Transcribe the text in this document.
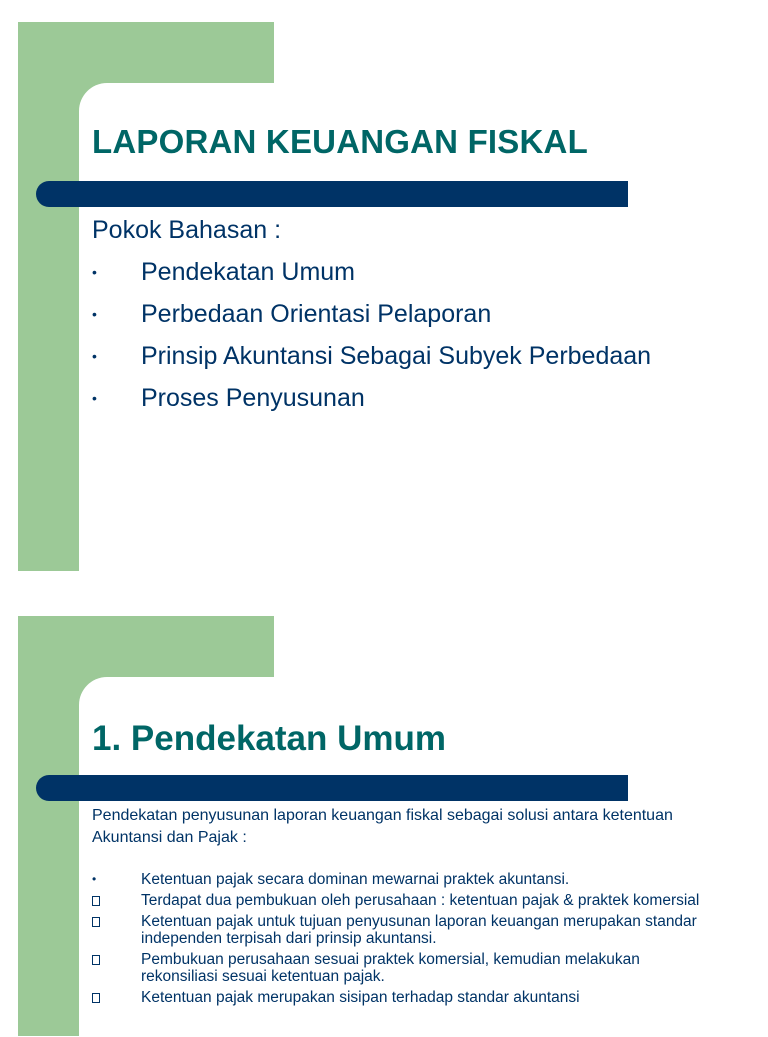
LAPORAN KEUANGAN FISKAL

Pokok Bahasan :

• Pendekatan Umum
• Perbedaan Orientasi Pelaporan
• Prinsip Akuntansi Sebagai Subyek Perbedaan
• Proses Penyusunan
1. Pendekatan Umum

Pendekatan penyusunan laporan keuangan fiskal sebagai solusi antara ketentuan Akuntansi dan Pajak :

•	Ketentuan pajak secara dominan mewarnai praktek akuntansi.
Terdapat dua pembukuan oleh perusahaan : ketentuan pajak & praktek komersial
Ketentuan pajak untuk tujuan penyusunan laporan keuangan merupakan standar independen terpisah dari prinsip akuntansi.
Pembukuan perusahaan sesuai praktek komersial, kemudian melakukan rekonsiliasi sesuai ketentuan pajak.
Ketentuan pajak merupakan sisipan terhadap standar akuntansi
